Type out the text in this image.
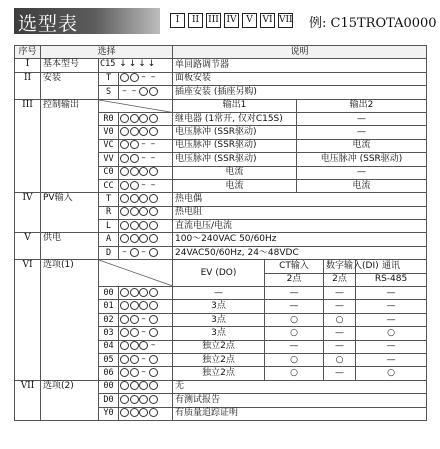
选型表	I	II	III IV	V	VI VII 例: C15TROTA0000
序号	选择			说明				
I	基本型号	C15↓↓↓↓		单回路调节器				
II	安装	T	––	面板安装				
		S	––	插座安装 (插座另购)				
III	控制输出			输出1		输出2		
		R0		继电器 (1常开, 仅对C15S)		—		
		V0		电压脉冲 (SSR驱动)		—		
		VC	––	电压脉冲 (SSR驱动)		电流		
		VV	––	电压脉冲 (SSR驱动)		电压脉冲 (SSR驱动)		
		C0		电流		—		
		CC	––	电流		电流		
IV	PV输入	T		热电偶				
		R		热电阻				
		L		直流电压/电流				
V	供电	A		100～240VAC 50/60Hz				
		D	––	24VAC50/60Hz, 24～48VDC				
VI	选项(1)			EV (DO)	CT输入		数字输入(DI)	通讯
					2点		2点	RS-485
		00		—	—		—	—
		01		3点	—		—	—
		02	–	3点	○		○	—
		03	–	3点	○		—	○
		04	–	独立2点	—		—	—
		05	–	独立2点	○		○	—
		06	–	独立2点	○		—	○
VII	选项(2)	00		无				
		D0		有测试报告				
		Y0		有质量追踪证明				
